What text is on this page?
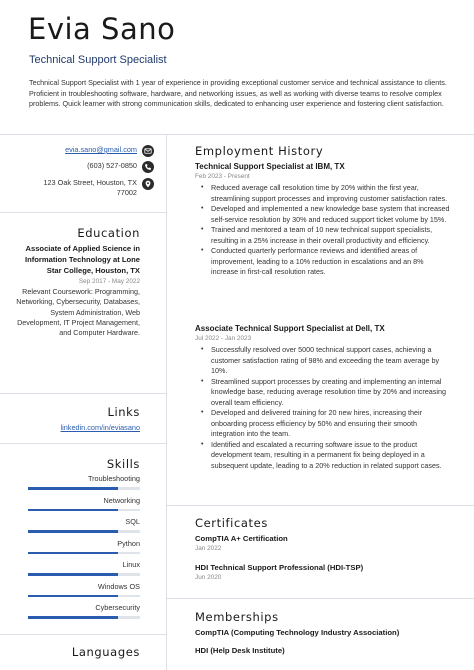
Evia Sano
Technical Support Specialist
Technical Support Specialist with 1 year of experience in providing exceptional customer service and technical assistance to clients. Proficient in troubleshooting software, hardware, and networking issues, as well as working with diverse teams to resolve complex problems. Quick learner with strong communication skills, dedicated to enhancing user experience and fostering client satisfaction.
evia.sano@gmail.com
(603) 527-0850
123 Oak Street, Houston, TX
77002
Education
Associate of Applied Science in Information Technology at Lone Star College, Houston, TX
Sep 2017 - May 2022
Relevant Coursework: Programming, Networking, Cybersecurity, Databases, System Administration, Web Development, IT Project Management, and Computer Hardware.
Links
linkedin.com/in/eviasano
Skills
Troubleshooting
Networking
SQL
Python
Linux
Windows OS
Cybersecurity
Languages
Employment History
Technical Support Specialist at IBM, TX
Feb 2023 - Present
• Reduced average call resolution time by 20% within the first year, streamlining support processes and improving customer satisfaction rates.
• Developed and implemented a new knowledge base system that increased self-service resolution by 30% and reduced support ticket volume by 15%.
• Trained and mentored a team of 10 new technical support specialists, resulting in a 25% increase in their overall productivity and efficiency.
• Conducted quarterly performance reviews and identified areas of improvement, leading to a 10% reduction in escalations and an 8% increase in first-call resolution rates.
Associate Technical Support Specialist at Dell, TX
Jul 2022 - Jan 2023
• Successfully resolved over 5000 technical support cases, achieving a customer satisfaction rating of 98% and exceeding the team average by 10%.
• Streamlined support processes by creating and implementing an internal knowledge base, reducing average resolution time by 20% and increasing overall team efficiency.
• Developed and delivered training for 20 new hires, increasing their onboarding process efficiency by 50% and ensuring their smooth integration into the team.
• Identified and escalated a recurring software issue to the product development team, resulting in a permanent fix being deployed in a subsequent update, leading to a 20% reduction in related support cases.
Certificates
CompTIA A+ Certification
Jan 2022
HDI Technical Support Professional (HDI-TSP)
Jun 2020
Memberships
CompTIA (Computing Technology Industry Association)
HDI (Help Desk Institute)
